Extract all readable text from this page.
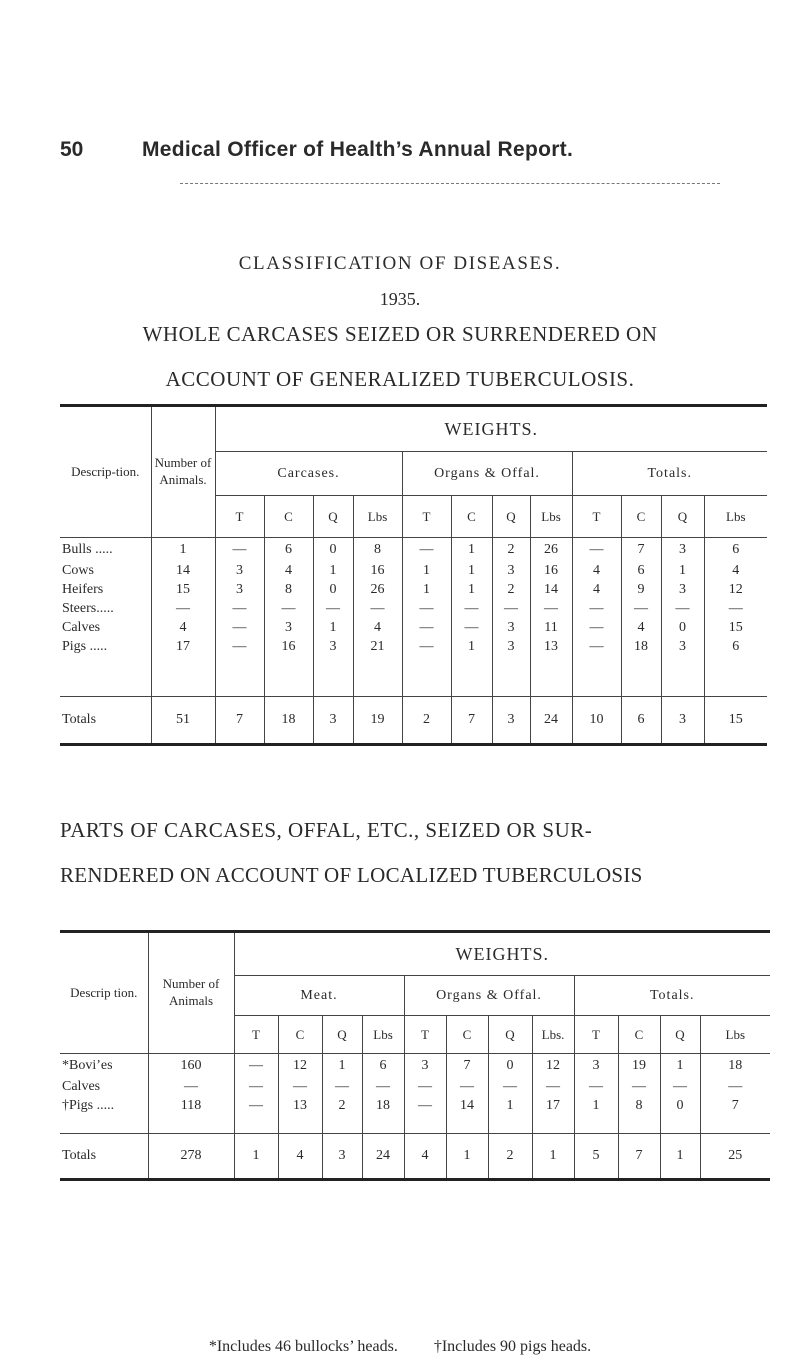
50	Medical Officer of Health’s Annual Report.
CLASSIFICATION OF DISEASES.
1935.
WHOLE CARCASES SEIZED OR SURRENDERED ON
ACCOUNT OF GENERALIZED TUBERCULOSIS.
Descrip-tion.	Number of Animals.	WEIGHTS.											
		Carcases.				Organs & Offal.				Totals.			
		T	C	Q	Lbs	T	C	Q	Lbs	T	C	Q	Lbs
Bulls .....	1	—	6	0	8	—	1	2	26	—	7	3	6
Cows	14	3	4	1	16	1	1	3	16	4	6	1	4
Heifers	15	3	8	0	26	1	1	2	14	4	9	3	12
Steers.....	—	—	—	—	—	—	—	—	—	—	—	—	—
Calves	4	—	3	1	4	—	—	3	11	—	4	0	15
Pigs .....	17	—	16	3	21	—	1	3	13	—	18	3	6

Totals	51	7	18	3	19	2	7	3	24	10	6	3	15
PARTS OF CARCASES, OFFAL, ETC., SEIZED OR SUR-
RENDERED ON ACCOUNT OF LOCALIZED TUBERCULOSIS
Descrip tion.	Number of Animals	WEIGHTS.											
		Meat.				Organs & Offal.				Totals.			
		T	C	Q	Lbs	T	C	Q	Lbs.	T	C	Q	Lbs
*Bovi’es	160	—	12	1	6	3	7	0	12	3	19	1	18
Calves	—	—	—	—	—	—	—	—	—	—	—	—	—
†Pigs .....	118	—	13	2	18	—	14	1	17	1	8	0	7

Totals	278	1	4	3	24	4	1	2	1	5	7	1	25
*Includes 46 bullocks’ heads. †Includes 90 pigs heads.
